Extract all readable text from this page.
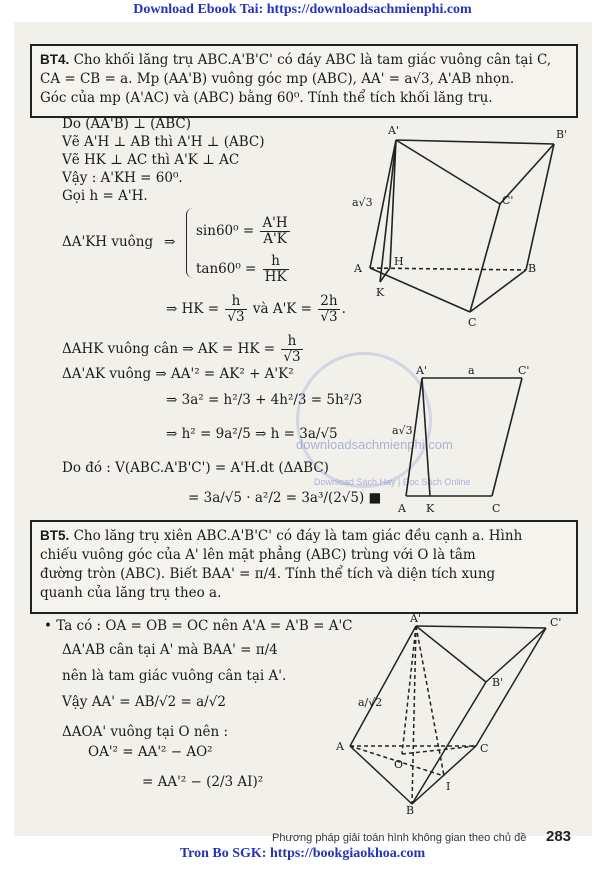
Download Ebook Tai: https://downloadsachmienphi.com
BT4. Cho khối lăng trụ ABC.A'B'C' có đáy ABC là tam giác vuông cân tại C,
CA = CB = a. Mp (AA'B) vuông góc mp (ABC), AA' = a√3, A'AB nhọn.
Góc của mp (A'AC) và (ABC) bằng 60⁰. Tính thể tích khối lăng trụ.
Do (AA'B) ⊥ (ABC)
Vẽ A'H ⊥ AB thì A'H ⊥ (ABC)
Vẽ HK ⊥ AC thì A'K ⊥ AC
Vậy : A'KH = 60⁰.
Gọi h = A'H.
ΔA'KH vuông ⇒
$\sin 60^0 = \frac{A'H}{A'K}$
$\tan 60^0 = \frac{h}{HK}$
⇒ HK = $\frac{h}{√3}$ và $A'K = \frac{2h}{√3}$ .
ΔAHK vuông cân ⇒ AK = HK = $\frac{h}{√3}$
ΔA'AK vuông ⇒ AA'² = AK² + A'K²
⇒ 3a² = h²/3 + 4h²/3 = 5h²/3
⇒ h² = 9a²/5 ⇒ h = 3a/√5
Do đó : V(ABC.A'B'C') = A'H.dt (ΔABC)
= 3a/√5 · a²/2 = 3a³/(2√5) ■
downloadsachmienphi.com
Download Sách Hay | Đọc Sách Online
A'	B'
C'
A	B
C
H
K
a√3
A'	a	C'
a√3
A K	C
BT5. Cho lăng trụ xiên ABC.A'B'C' có đáy là tam giác đều cạnh a. Hình
chiếu vuông góc của A' lên mặt phẳng (ABC) trùng với O là tâm
đường tròn (ABC). Biết BAA' = π/4. Tính thể tích và diện tích xung
quanh của lăng trụ theo a.
• Ta có : OA = OB = OC nên A'A = A'B = A'C
ΔA'AB cân tại A' mà BAA' = π/4
nên là tam giác vuông cân tại A'.
Vậy AA' = AB/√2 = a/√2
ΔAOA' vuông tại O nên :
OA'² = AA'² − AO²
= AA'² − (2/3 AI)²
A'	C'
B'
A	C
B
O
I
a/√2
Phương pháp giải toán hình không gian theo chủ đề 283
Tron Bo SGK: https://bookgiaokhoa.com
